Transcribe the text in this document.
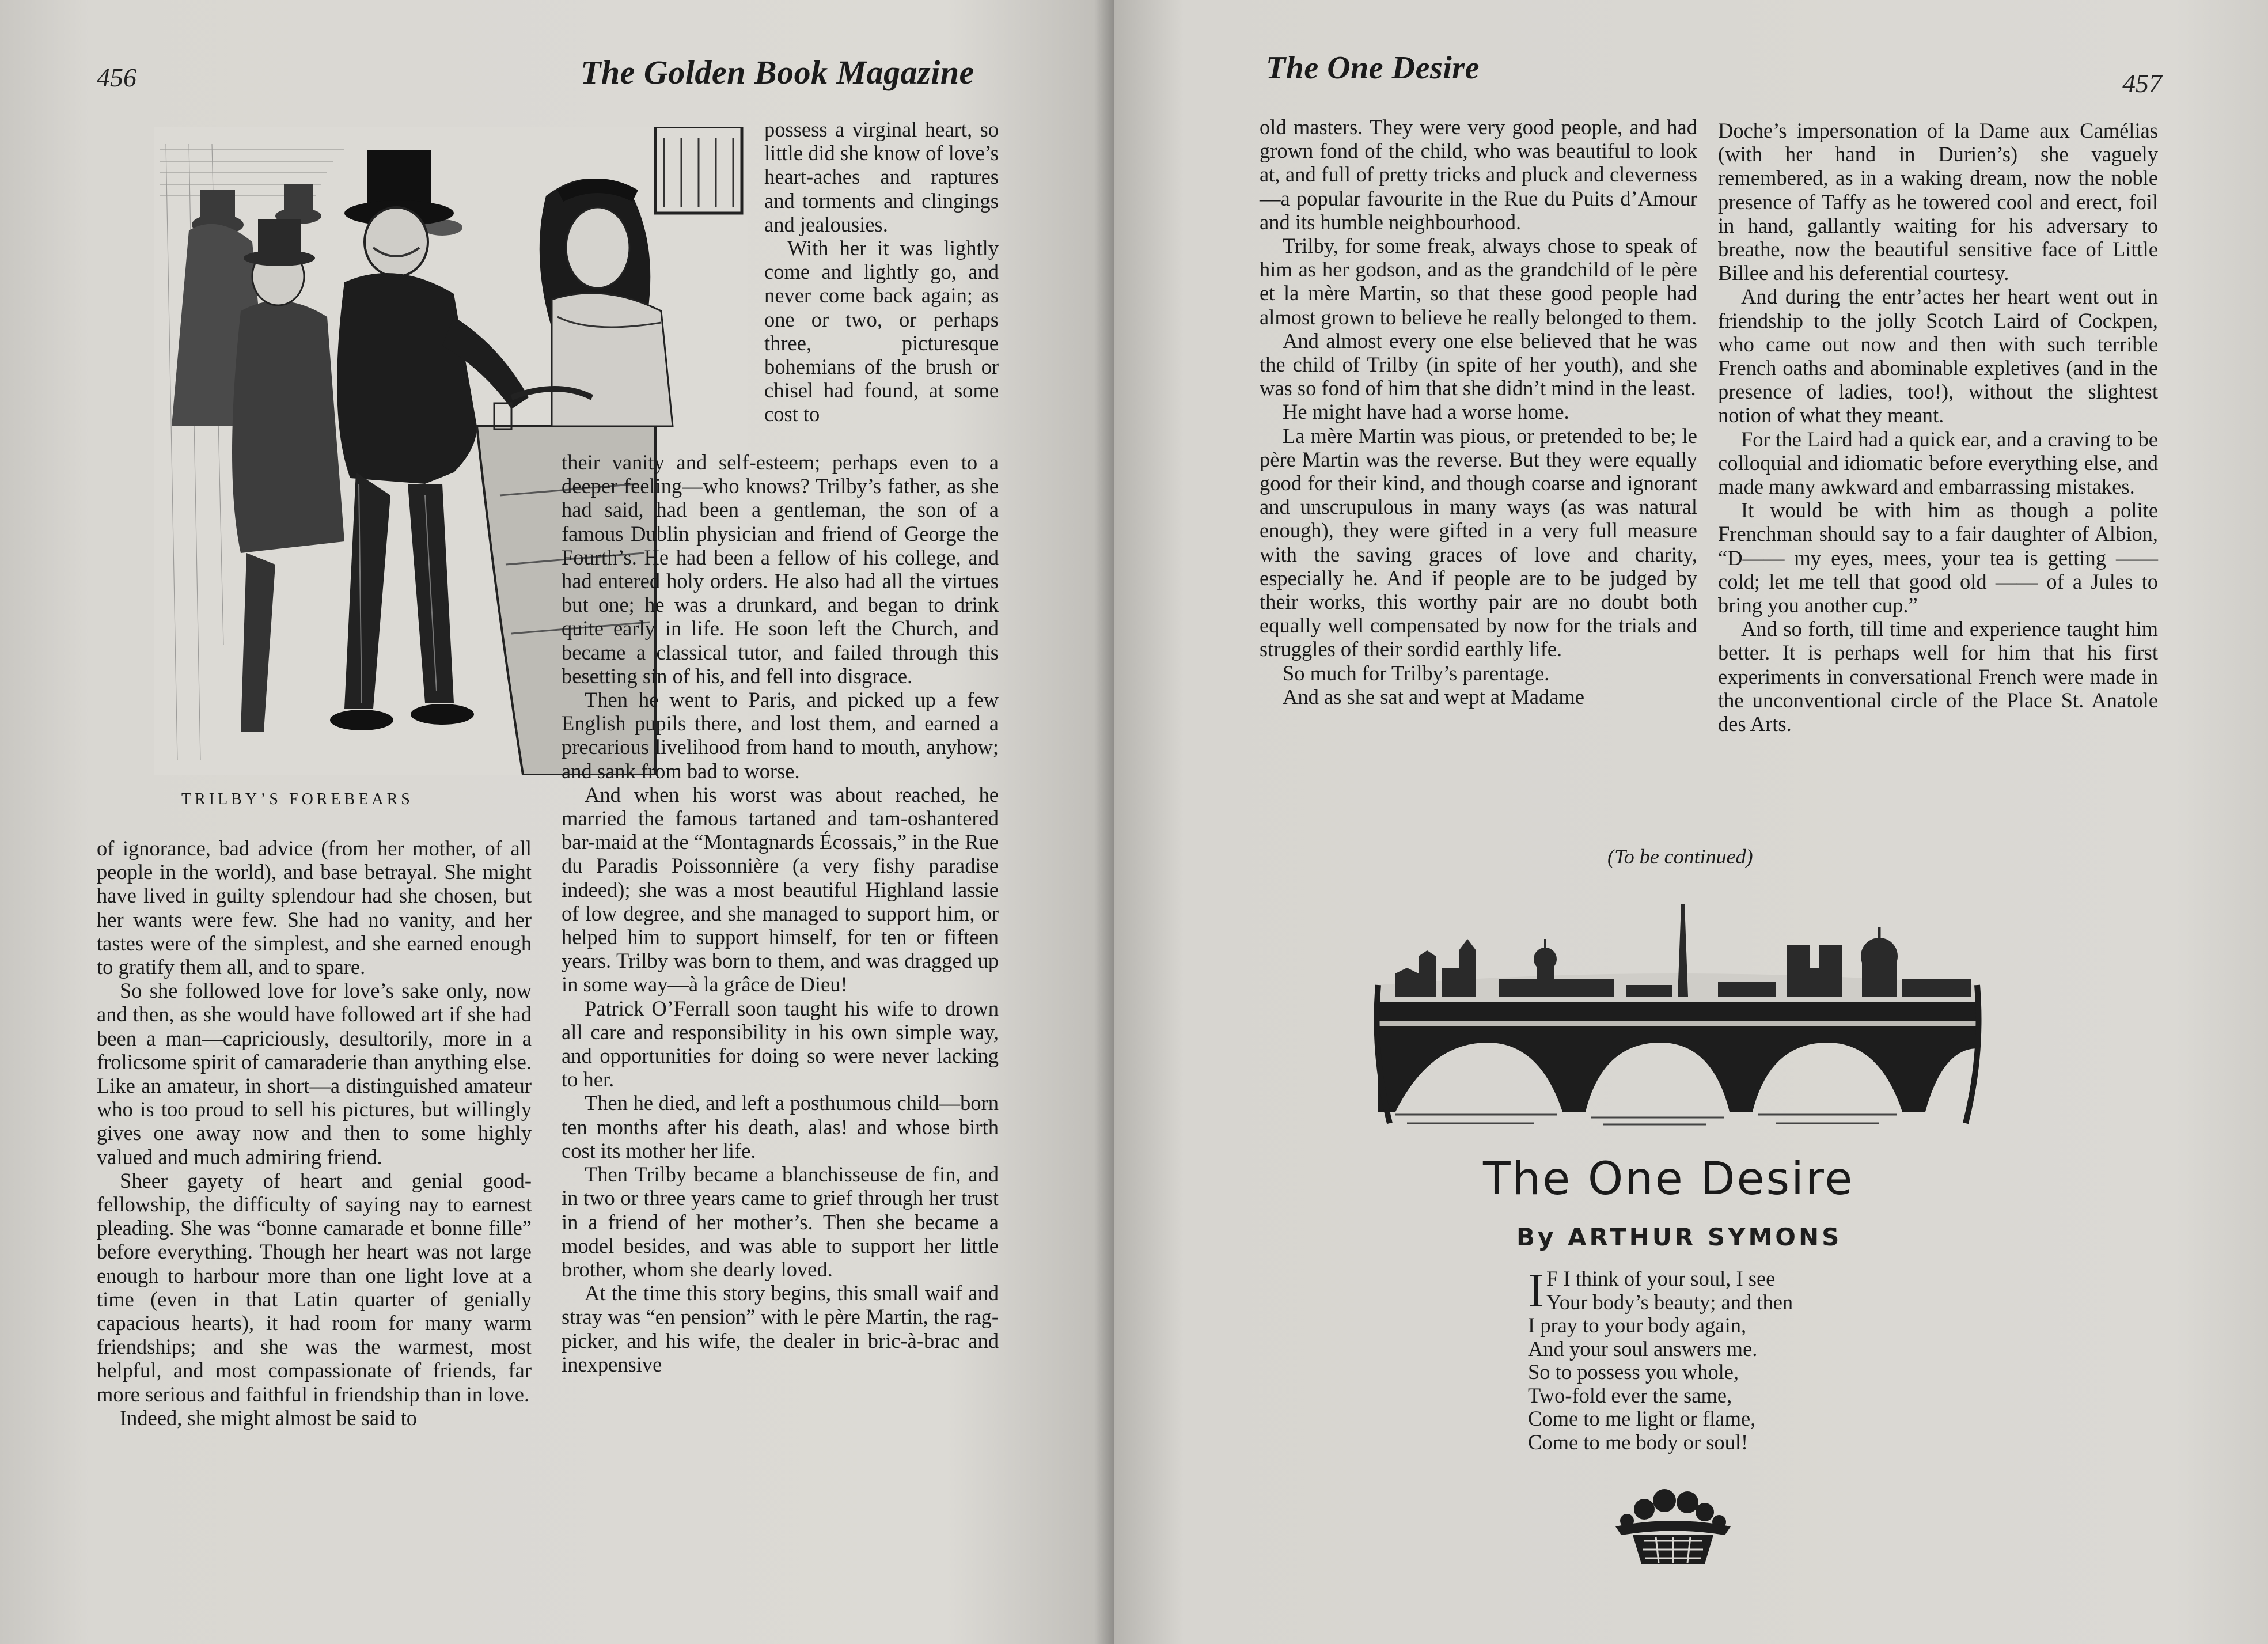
456	The Golden Book Magazine
TRILBY’S FOREBEARS

possess a virginal heart, so little did she know of love’s heart-aches and raptures and torments and clingings and jealousies.

With her it was lightly come and lightly go, and never come back again; as one or two, or perhaps three, picturesque bohemians of the brush or chisel had found, at some cost to

of ignorance, bad advice (from her mother, of all people in the world), and base betrayal. She might have lived in guilty splendour had she chosen, but her wants were few. She had no vanity, and her tastes were of the simplest, and she earned enough to gratify them all, and to spare.

So she followed love for love’s sake only, now and then, as she would have followed art if she had been a man—capriciously, desultorily, more in a frolicsome spirit of camaraderie than anything else. Like an amateur, in short—a distinguished amateur who is too proud to sell his pictures, but willingly gives one away now and then to some highly valued and much admiring friend.

Sheer gayety of heart and genial good-fellowship, the difficulty of saying nay to earnest pleading. She was “bonne camarade et bonne fille” before everything. Though her heart was not large enough to harbour more than one light love at a time (even in that Latin quarter of genially capacious hearts), it had room for many warm friendships; and she was the warmest, most helpful, and most compassionate of friends, far more serious and faithful in friendship than in love.

Indeed, she might almost be said to

their vanity and self-esteem; perhaps even to a deeper feeling—who knows? Trilby’s father, as she had said, had been a gentleman, the son of a famous Dublin physician and friend of George the Fourth’s. He had been a fellow of his college, and had entered holy orders. He also had all the virtues but one; he was a drunkard, and began to drink quite early in life. He soon left the Church, and became a classical tutor, and failed through this besetting sin of his, and fell into disgrace.

Then he went to Paris, and picked up a few English pupils there, and lost them, and earned a precarious livelihood from hand to mouth, anyhow; and sank from bad to worse.

And when his worst was about reached, he married the famous tartaned and tam-oshantered bar-maid at the “Montagnards Écossais,” in the Rue du Paradis Poissonnière (a very fishy paradise indeed); she was a most beautiful Highland lassie of low degree, and she managed to support him, or helped him to support himself, for ten or fifteen years. Trilby was born to them, and was dragged up in some way—à la grâce de Dieu!

Patrick O’Ferrall soon taught his wife to drown all care and responsibility in his own simple way, and opportunities for doing so were never lacking to her.

Then he died, and left a posthumous child—born ten months after his death, alas! and whose birth cost its mother her life.

Then Trilby became a blanchisseuse de fin, and in two or three years came to grief through her trust in a friend of her mother’s. Then she became a model besides, and was able to support her little brother, whom she dearly loved.

At the time this story begins, this small waif and stray was “en pension” with le père Martin, the rag-picker, and his wife, the dealer in bric-à-brac and inexpensive

The One Desire	457

old masters. They were very good people, and had grown fond of the child, who was beautiful to look at, and full of pretty tricks and pluck and cleverness—a popular favourite in the Rue du Puits d’Amour and its humble neighbourhood.

Trilby, for some freak, always chose to speak of him as her godson, and as the grandchild of le père et la mère Martin, so that these good people had almost grown to believe he really belonged to them.

And almost every one else believed that he was the child of Trilby (in spite of her youth), and she was so fond of him that she didn’t mind in the least.

He might have had a worse home.

La mère Martin was pious, or pretended to be; le père Martin was the reverse. But they were equally good for their kind, and though coarse and ignorant and unscrupulous in many ways (as was natural enough), they were gifted in a very full measure with the saving graces of love and charity, especially he. And if people are to be judged by their works, this worthy pair are no doubt both equally well compensated by now for the trials and struggles of their sordid earthly life.

So much for Trilby’s parentage.

And as she sat and wept at Madame

Doche’s impersonation of la Dame aux Camélias (with her hand in Durien’s) she vaguely remembered, as in a waking dream, now the noble presence of Taffy as he towered cool and erect, foil in hand, gallantly waiting for his adversary to breathe, now the beautiful sensitive face of Little Billee and his deferential courtesy.

And during the entr’actes her heart went out in friendship to the jolly Scotch Laird of Cockpen, who came out now and then with such terrible French oaths and abominable expletives (and in the presence of ladies, too!), without the slightest notion of what they meant.

For the Laird had a quick ear, and a craving to be colloquial and idiomatic before everything else, and made many awkward and embarrassing mistakes.

It would be with him as though a polite Frenchman should say to a fair daughter of Albion, “D—— my eyes, mees, your tea is getting —— cold; let me tell that good old —— of a Jules to bring you another cup.”

And so forth, till time and experience taught him better. It is perhaps well for him that his first experiments in conversational French were made in the unconventional circle of the Place St. Anatole des Arts.

(To be continued)
The One Desire
By ARTHUR SYMONS
IF I think of your soul, I see
Your body’s beauty; and then
I pray to your body again,
And your soul answers me.
So to possess you whole,
Two-fold ever the same,
Come to me light or flame,
Come to me body or soul!
